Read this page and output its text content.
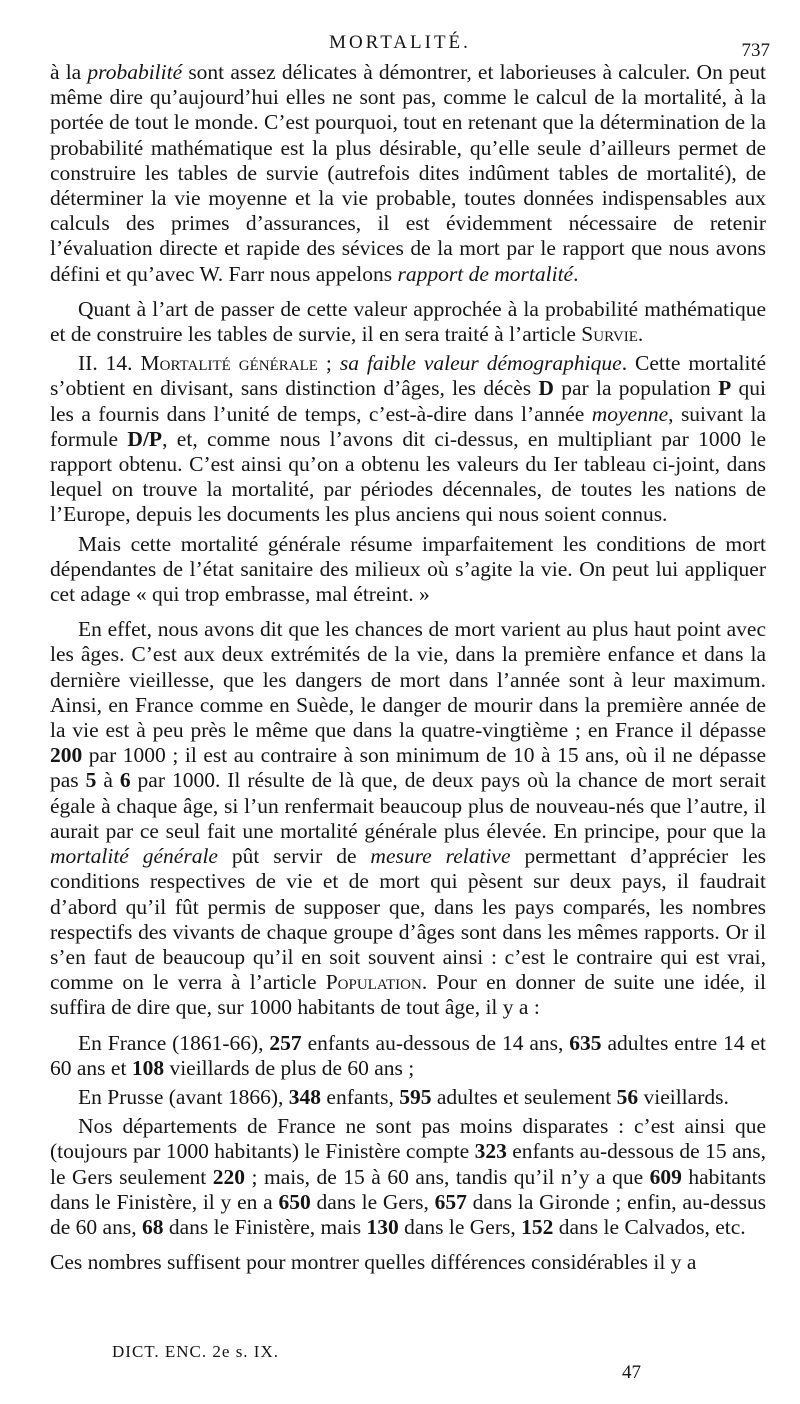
MORTALITÉ.	737

à la probabilité sont assez délicates à démontrer, et laborieuses à calculer. On peut même dire qu’aujourd’hui elles ne sont pas, comme le calcul de la mortalité, à la portée de tout le monde. C’est pourquoi, tout en retenant que la détermination de la probabilité mathématique est la plus désirable, qu’elle seule d’ailleurs permet de construire les tables de survie (autrefois dites indûment tables de mortalité), de déterminer la vie moyenne et la vie probable, toutes données indispensables aux calculs des primes d’assurances, il est évidemment nécessaire de retenir l’évaluation directe et rapide des sévices de la mort par le rapport que nous avons défini et qu’avec W. Farr nous appelons rapport de mortalité.

Quant à l’art de passer de cette valeur approchée à la probabilité mathématique et de construire les tables de survie, il en sera traité à l’article Survie.

II. 14. Mortalité générale ; sa faible valeur démographique. Cette mortalité s’obtient en divisant, sans distinction d’âges, les décès D par la population P qui les a fournis dans l’unité de temps, c’est-à-dire dans l’année moyenne, suivant la formule D/P, et, comme nous l’avons dit ci-dessus, en multipliant par 1000 le rapport obtenu. C’est ainsi qu’on a obtenu les valeurs du Ier tableau ci-joint, dans lequel on trouve la mortalité, par périodes décennales, de toutes les nations de l’Europe, depuis les documents les plus anciens qui nous soient connus.

Mais cette mortalité générale résume imparfaitement les conditions de mort dépendantes de l’état sanitaire des milieux où s’agite la vie. On peut lui appliquer cet adage « qui trop embrasse, mal étreint. »

En effet, nous avons dit que les chances de mort varient au plus haut point avec les âges. C’est aux deux extrémités de la vie, dans la première enfance et dans la dernière vieillesse, que les dangers de mort dans l’année sont à leur maximum. Ainsi, en France comme en Suède, le danger de mourir dans la première année de la vie est à peu près le même que dans la quatre-vingtième ; en France il dépasse 200 par 1000 ; il est au contraire à son minimum de 10 à 15 ans, où il ne dépasse pas 5 à 6 par 1000. Il résulte de là que, de deux pays où la chance de mort serait égale à chaque âge, si l’un renfermait beaucoup plus de nouveau-nés que l’autre, il aurait par ce seul fait une mortalité générale plus élevée. En principe, pour que la mortalité générale pût servir de mesure relative permettant d’apprécier les conditions respectives de vie et de mort qui pèsent sur deux pays, il faudrait d’abord qu’il fût permis de supposer que, dans les pays comparés, les nombres respectifs des vivants de chaque groupe d’âges sont dans les mêmes rapports. Or il s’en faut de beaucoup qu’il en soit souvent ainsi : c’est le contraire qui est vrai, comme on le verra à l’article Population. Pour en donner de suite une idée, il suffira de dire que, sur 1000 habitants de tout âge, il y a :

En France (1861-66), 257 enfants au-dessous de 14 ans, 635 adultes entre 14 et 60 ans et 108 vieillards de plus de 60 ans ;

En Prusse (avant 1866), 348 enfants, 595 adultes et seulement 56 vieillards.

Nos départements de France ne sont pas moins disparates : c’est ainsi que (toujours par 1000 habitants) le Finistère compte 323 enfants au-dessous de 15 ans, le Gers seulement 220 ; mais, de 15 à 60 ans, tandis qu’il n’y a que 609 habitants dans le Finistère, il y en a 650 dans le Gers, 657 dans la Gironde ; enfin, au-dessus de 60 ans, 68 dans le Finistère, mais 130 dans le Gers, 152 dans le Calvados, etc.

Ces nombres suffisent pour montrer quelles différences considérables il y a

DICT. ENC. 2e s. IX.
47
